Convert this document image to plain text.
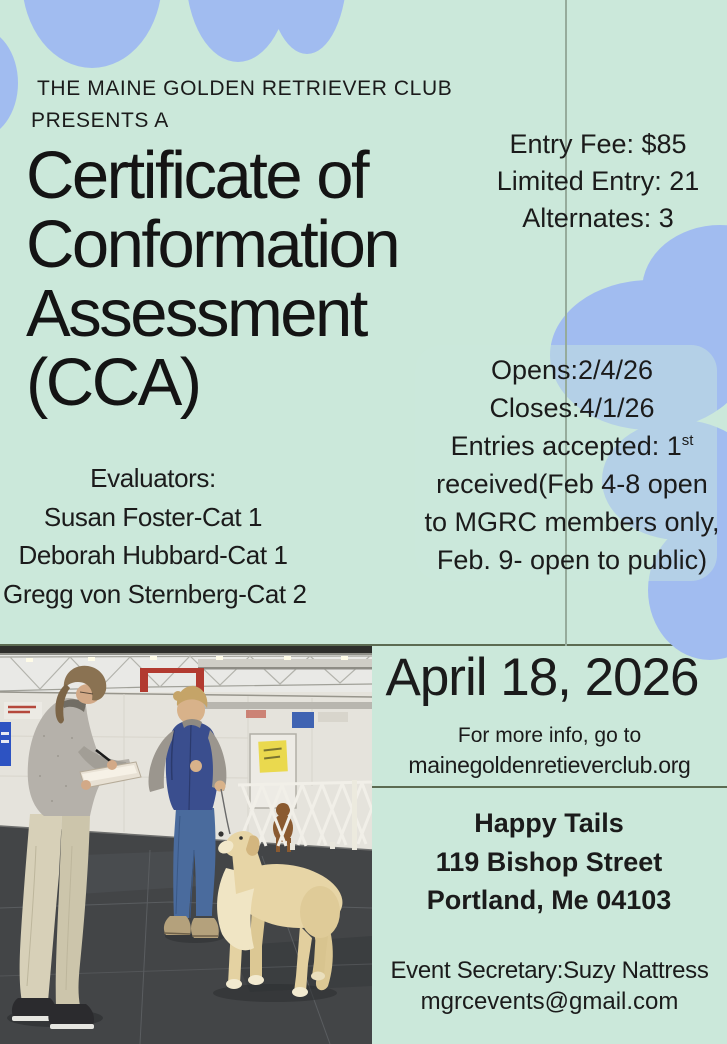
THE MAINE GOLDEN RETRIEVER CLUB
PRESENTS A
Certificate of
Conformation
Assessment
(CCA)
Entry Fee: $85
Limited Entry: 21
Alternates: 3
Opens:2/4/26
Closes:4/1/26
Entries accepted: 1st
received(Feb 4-8 open
to MGRC members only,
Feb. 9- open to public)
Evaluators:
Susan Foster-Cat 1
Deborah Hubbard-Cat 1
Gregg von Sternberg-Cat 2
April 18, 2026
For more info, go to
mainegoldenretieverclub.org
Happy Tails
119 Bishop Street
Portland, Me 04103
Event Secretary:Suzy Nattress
mgrcevents@gmail.com
